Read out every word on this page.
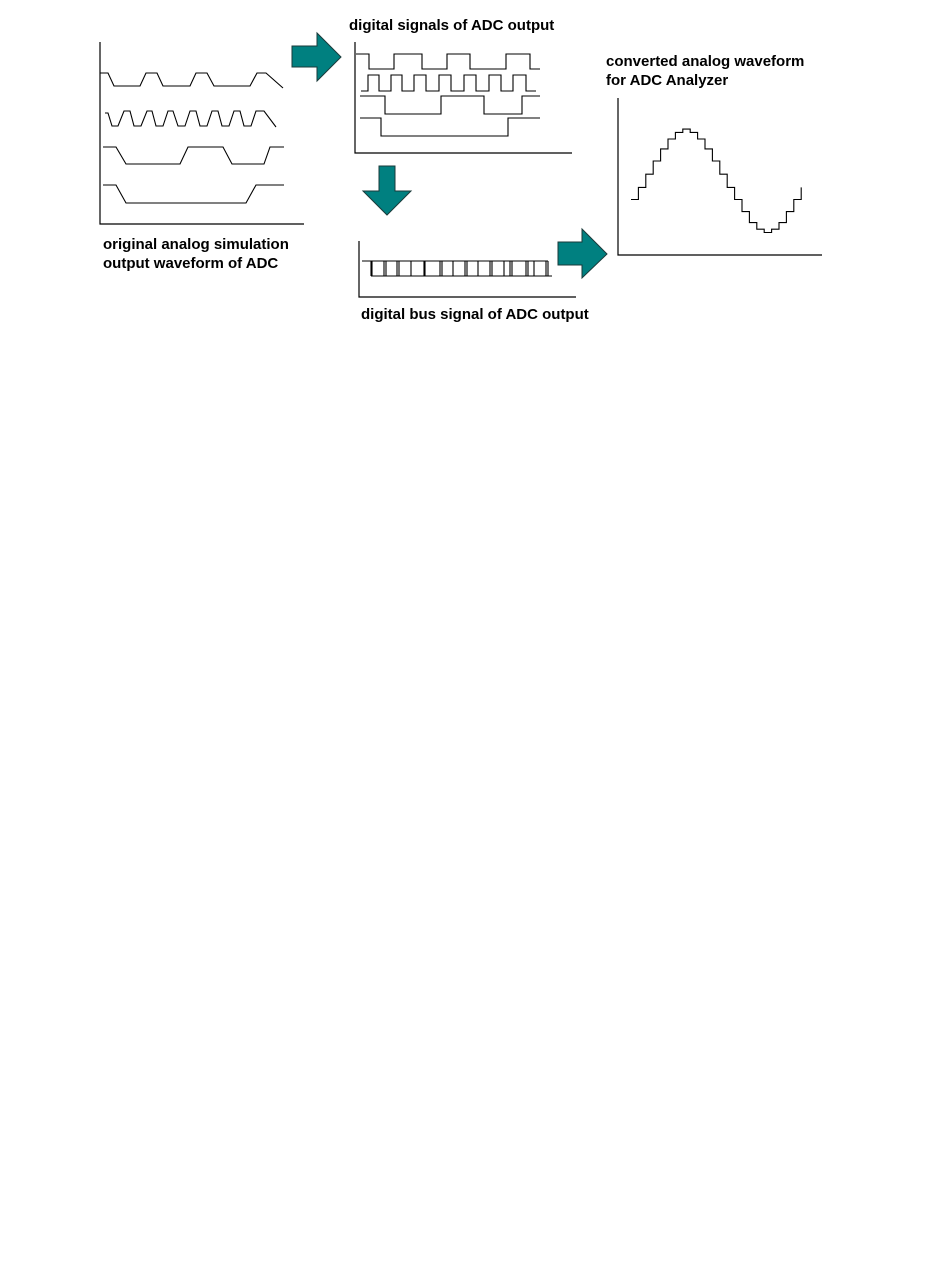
original analog simulation
output waveform of ADC
digital signals of ADC output
digital bus signal of ADC output
converted analog waveform
for ADC Analyzer
